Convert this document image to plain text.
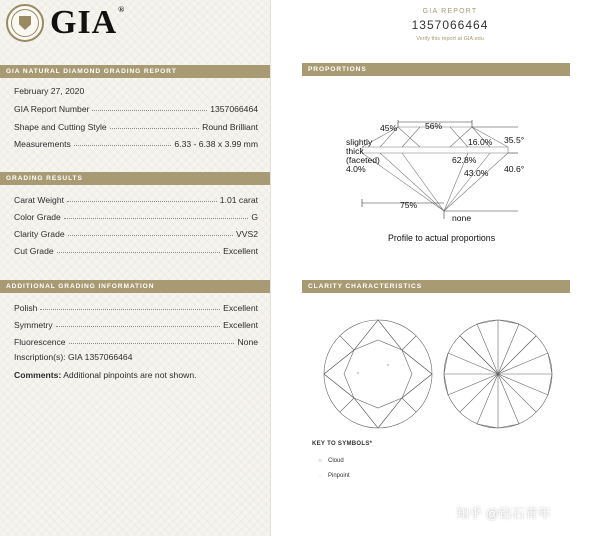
GIA®
GIA NATURAL DIAMOND GRADING REPORT
February 27, 2020
GIA Report Number	1357066464
Shape and Cutting Style	Round Brilliant
Measurements	6.33 - 6.38 x 3.99 mm
GRADING RESULTS
Carat Weight	1.01 carat
Color Grade	G
Clarity Grade	VVS2
Cut Grade	Excellent
ADDITIONAL GRADING INFORMATION
Polish	Excellent
Symmetry	Excellent
Fluorescence	None
Inscription(s): GIA 1357066464
Comments: Additional pinpoints are not shown.
GIA REPORT
1357066464
Verify this report at GIA.edu
PROPORTIONS
56%
45%
35.5°
16.0%
slightly
thick
(faceted)
4.0%
62.8%
43.0% 40.6°
75%
none
Profile to actual proportions
CLARITY CHARACTERISTICS
KEY TO SYMBOLS*
○	Cloud
·	Pinpoint
知乎 @钻石青年
